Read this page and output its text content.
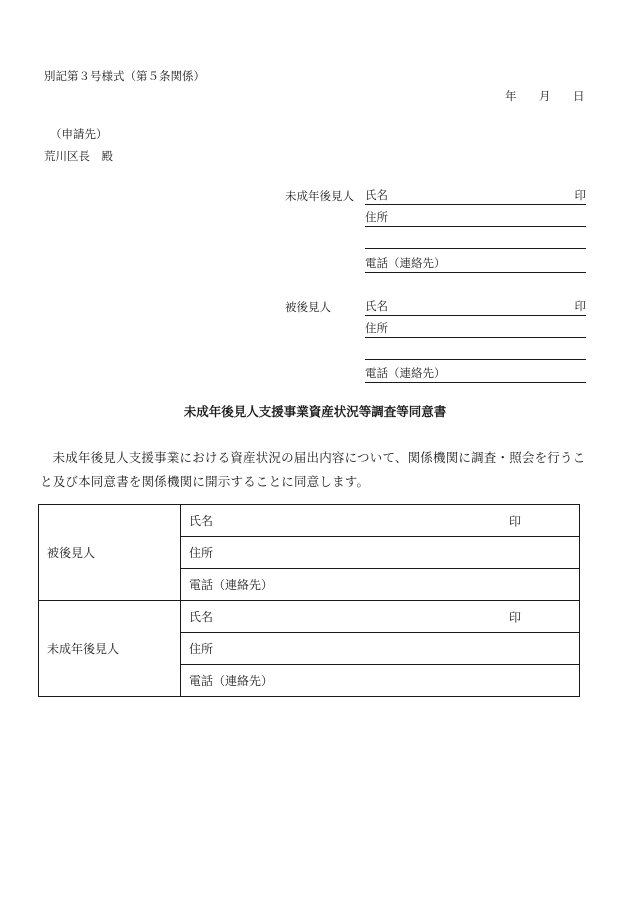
別記第３号様式（第５条関係）
年 月 日
（申請先）
荒川区長　殿
未成年後見人 氏名	印
住所
電話（連絡先）
被後見人	氏名	印
住所
電話（連絡先）
未成年後見人支援事業資産状況等調査等同意書
未成年後見人支援事業における資産状況の届出内容について、関係機関に調査・照会を行うこと及び本同意書を関係機関に開示することに同意します。
被後見人	氏名 印

	住所
	電話（連絡先）
未成年後見人	氏名 印

	住所
	電話（連絡先）
